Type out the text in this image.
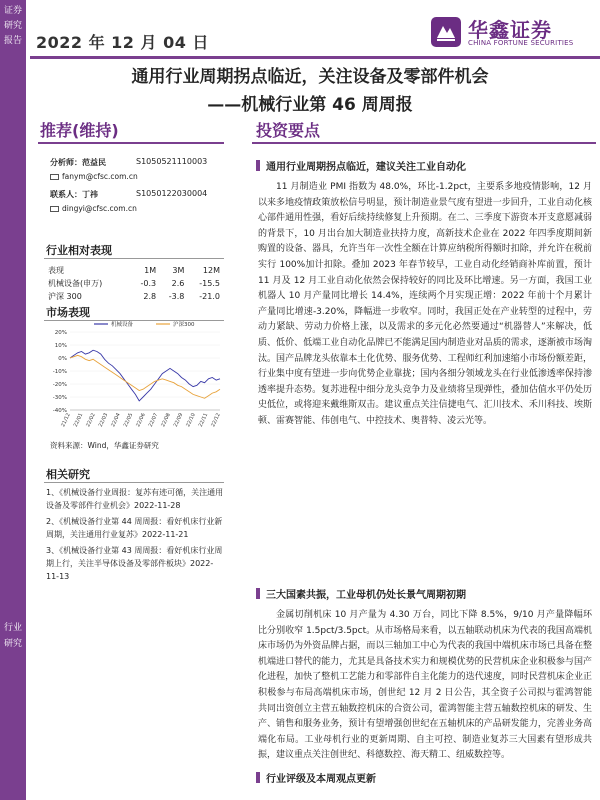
证券研究报告
行业研究
2022 年 12 月 04 日
华鑫证券
CHINA FORTUNE SECURITIES
通用行业周期拐点临近，关注设备及零部件机会
——机械行业第 46 周周报
推荐(维持)	投资要点
分析师：范益民	S1050521110003
fanym@cfsc.com.cn
联系人：丁祎	S1050122030004
dingyi@cfsc.com.cn
行业相对表现
表现	1M	3M	12M
机械设备(申万)	-0.3	2.6	-15.5
沪深 300	2.8	-3.8	-21.0
市场表现
20%
10%
0%
-10%
-20%
-30%
-40%
21/12 22/01 22/02 22/03 22/04 22/05 22/06 22/07 22/08 22/09 22/10 22/11 22/12
机械设备	沪深300
资料来源：Wind，华鑫证券研究
相关研究
1、《机械设备行业周报：复苏有迹可循，关注通用设备及零部件行业机会》2022-11-28
2、《机械设备行业第 44 周周报：看好机床行业新周期，关注通用行业复苏》2022-11-21
3、《机械设备行业第 43 周周报：看好机床行业周期上行，关注半导体设备及零部件板块》2022-11-13
通用行业周期拐点临近，建议关注工业自动化
11 月制造业 PMI 指数为 48.0%，环比-1.2pct，主要系多地疫情影响，12 月以来多地疫情政策放松信号明显，预计制造业景气度有望进一步回升，工业自动化核心部件通用性强，看好后续持续修复上升预期。在二、三季度下游资本开支意愿减弱的背景下，10 月出台加大制造业扶持力度，高新技术企业在 2022 年四季度期间新购置的设备、器具，允许当年一次性全额在计算应纳税所得额时扣除，并允许在税前实行 100%加计扣除。叠加 2023 年春节较早，工业自动化经销商补库前置，预计 11 月及 12 月工业自动化依然会保持较好的同比及环比增速。另一方面，我国工业机器人 10 月产量同比增长 14.4%，连续两个月实现正增：2022 年前十个月累计产量同比增速-3.20%，降幅进一步收窄。同时，我国正处在产业转型的过程中，劳动力紧缺、劳动力价格上涨，以及需求的多元化必然要通过“机器替人”来解决，低质、低价、低端工业自动化品牌已不能满足国内制造业对品质的需求，逐渐被市场淘汰。国产品牌龙头依靠本土化优势、服务优势、工程师红利加速缩小市场份额差距，行业集中度有望进一步向优势企业靠拢；国内各细分领域龙头在行业低渗透率保持渗透率提升态势。复苏进程中细分龙头竞争力及业绩将呈现弹性，叠加估值水平仍处历史低位，或将迎来戴维斯双击。建议重点关注信捷电气、汇川技术、禾川科技、埃斯顿、雷赛智能、伟创电气、中控技术、奥普特、凌云光等。
三大国素共振，工业母机仍处长景气周期初期
金属切削机床 10 月产量为 4.30 万台，同比下降 8.5%，9/10 月产量降幅环比分别收窄 1.5pct/3.5pct。从市场格局来看，以五轴联动机床为代表的我国高端机床市场仍为外资品牌占据，而以三轴加工中心为代表的我国中端机床市场已具备在整机端进口替代的能力，尤其是具备技术实力和规模优势的民营机床企业积极参与国产化进程，加快了整机工艺能力和零部件自主化能力的迭代速度，同时民营机床企业正积极参与布局高端机床市场，创世纪 12 月 2 日公告，其全资子公司拟与霍鸿智能共同出资创立主营五轴数控机床的合资公司，霍鸿智能主营五轴数控机床的研发、生产、销售和服务业务，预计有望增强创世纪在五轴机床的产品研发能力，完善业务高端化布局。工业母机行业的更新周期、自主可控、制造业复苏三大国素有望形成共振，建议重点关注创世纪、科德数控、海天精工、纽威数控等。
行业评级及本周观点更新
